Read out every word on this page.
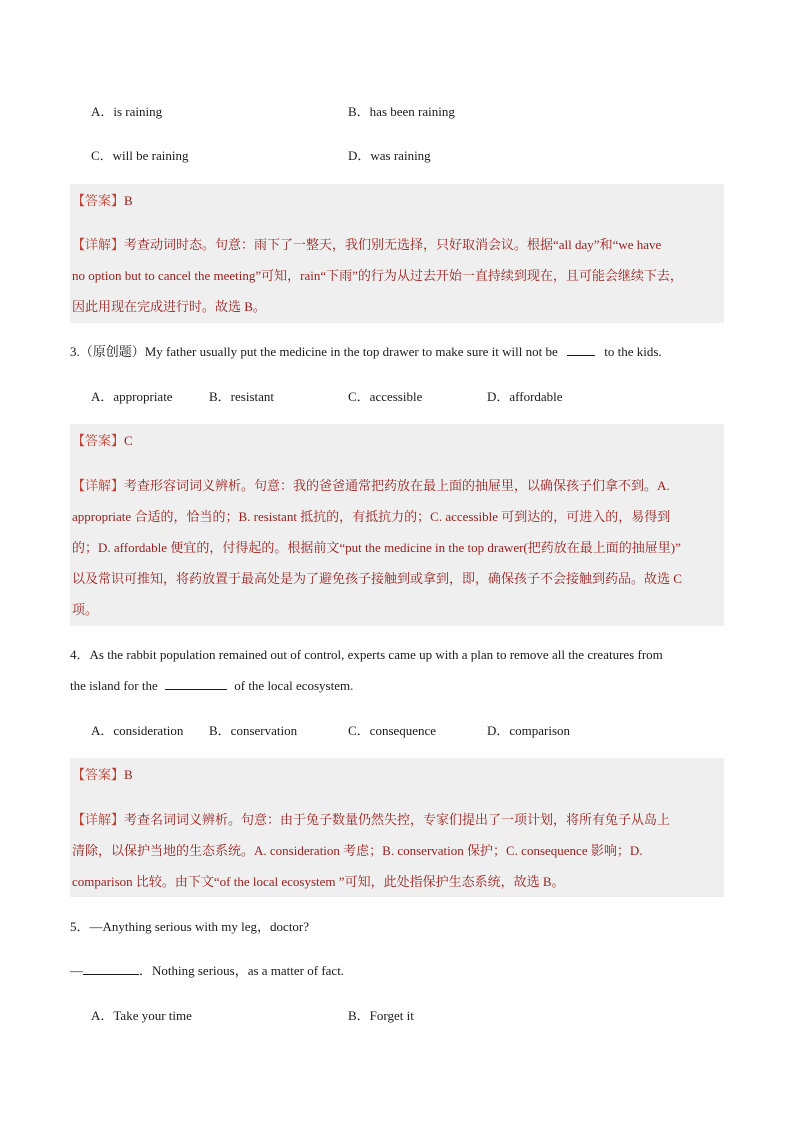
A．is raining	B．has been raining
C．will be raining	D．was raining
【答案】B
【详解】考查动词时态。句意：雨下了一整天，我们别无选择，只好取消会议。根据“all day”和“we have
no option but to cancel the meeting”可知，rain“下雨”的行为从过去开始一直持续到现在，且可能会继续下去，
因此用现在完成进行时。故选 B。
3.（原创题）My father usually put the medicine in the top drawer to make sure it will not be	to the kids.
A．appropriate	B．resistant	C．accessible	D．affordable
【答案】C
【详解】考查形容词词义辨析。句意：我的爸爸通常把药放在最上面的抽屉里，以确保孩子们拿不到。A.
appropriate 合适的，恰当的；B. resistant 抵抗的，有抵抗力的；C. accessible 可到达的，可进入的，易得到
的；D. affordable 便宜的，付得起的。根据前文“put the medicine in the top drawer(把药放在最上面的抽屉里)”
以及常识可推知，将药放置于最高处是为了避免孩子接触到或拿到，即，确保孩子不会接触到药品。故选 C
项。
4．As the rabbit population remained out of control, experts came up with a plan to remove all the creatures from
the island for the	of the local ecosystem.
A．consideration B．conservation	C．consequence	D．comparison
【答案】B
【详解】考查名词词义辨析。句意：由于兔子数量仍然失控，专家们提出了一项计划，将所有兔子从岛上
清除，以保护当地的生态系统。A. consideration 考虑；B. conservation 保护；C. consequence 影响；D.
comparison 比较。由下文“of the local ecosystem ”可知，此处指保护生态系统，故选 B。
5．—Anything serious with my leg，doctor?
—	．Nothing serious，as a matter of fact.
A．Take your time	B．Forget it
